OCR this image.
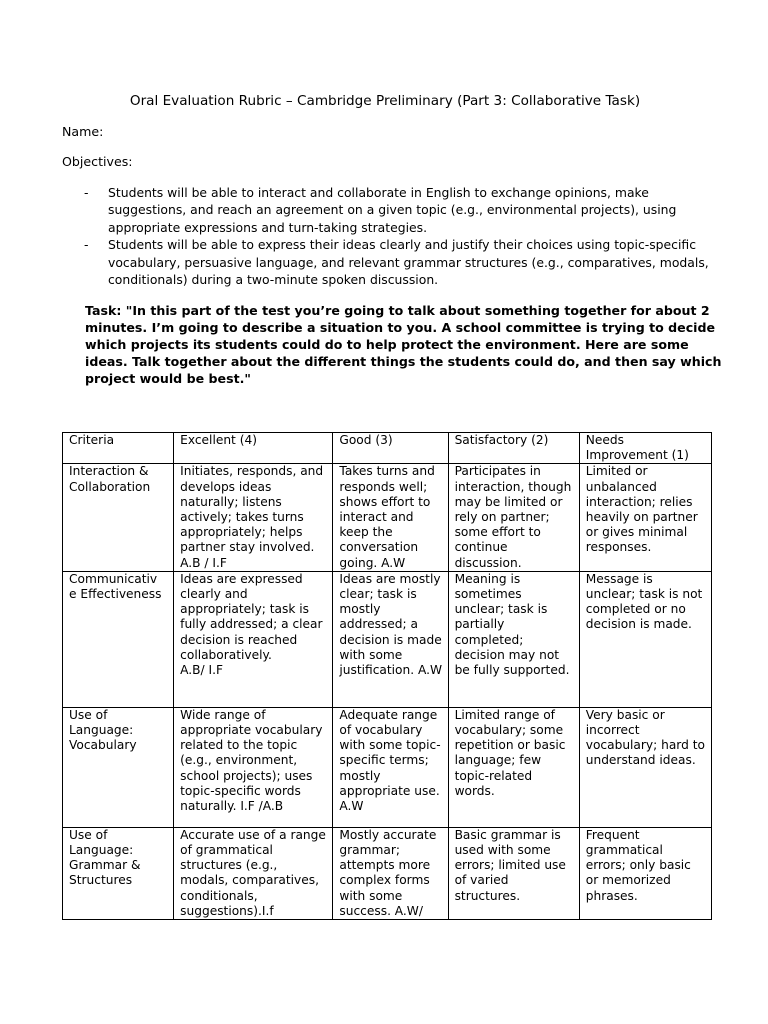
Oral Evaluation Rubric – Cambridge Preliminary (Part 3: Collaborative Task)
Name:
Objectives:
- Students will be able to interact and collaborate in English to exchange opinions, make suggestions, and reach an agreement on a given topic (e.g., environmental projects), using appropriate expressions and turn-taking strategies.
- Students will be able to express their ideas clearly and justify their choices using topic-specific vocabulary, persuasive language, and relevant grammar structures (e.g., comparatives, modals, conditionals) during a two-minute spoken discussion.
Task: "In this part of the test you’re going to talk about something together for about 2 minutes. I’m going to describe a situation to you. A school committee is trying to decide which projects its students could do to help protect the environment. Here are some ideas. Talk together about the different things the students could do, and then say which project would be best."
Criteria	Excellent (4)	Good (3)	Satisfactory (2)	Needs Improvement (1)
Interaction &
Collaboration	Initiates, responds, and develops ideas naturally; listens actively; takes turns appropriately; helps partner stay involved. A.B / I.F	Takes turns and responds well; shows effort to interact and keep the conversation going. A.W	Participates in interaction, though may be limited or rely on partner; some effort to continue discussion.	Limited or unbalanced interaction; relies heavily on partner or gives minimal responses.
Communicativ
e Effectiveness	Ideas are expressed clearly and appropriately; task is fully addressed; a clear decision is reached collaboratively.
A.B/ I.F	Ideas are mostly clear; task is mostly addressed; a decision is made with some justification. A.W	Meaning is sometimes unclear; task is partially completed; decision may not be fully supported.	Message is unclear; task is not completed or no decision is made.
Use of
Language:
Vocabulary	Wide range of appropriate vocabulary related to the topic (e.g., environment, school projects); uses topic-specific words naturally. I.F /A.B	Adequate range of vocabulary with some topic-specific terms; mostly appropriate use. A.W	Limited range of vocabulary; some repetition or basic language; few topic-related words.	Very basic or incorrect vocabulary; hard to understand ideas.
Use of
Language:
Grammar &
Structures	Accurate use of a range of grammatical structures (e.g., modals, comparatives, conditionals, suggestions).I.f	Mostly accurate grammar; attempts more complex forms with some success. A.W/	Basic grammar is used with some errors; limited use of varied structures.	Frequent grammatical errors; only basic or memorized phrases.
